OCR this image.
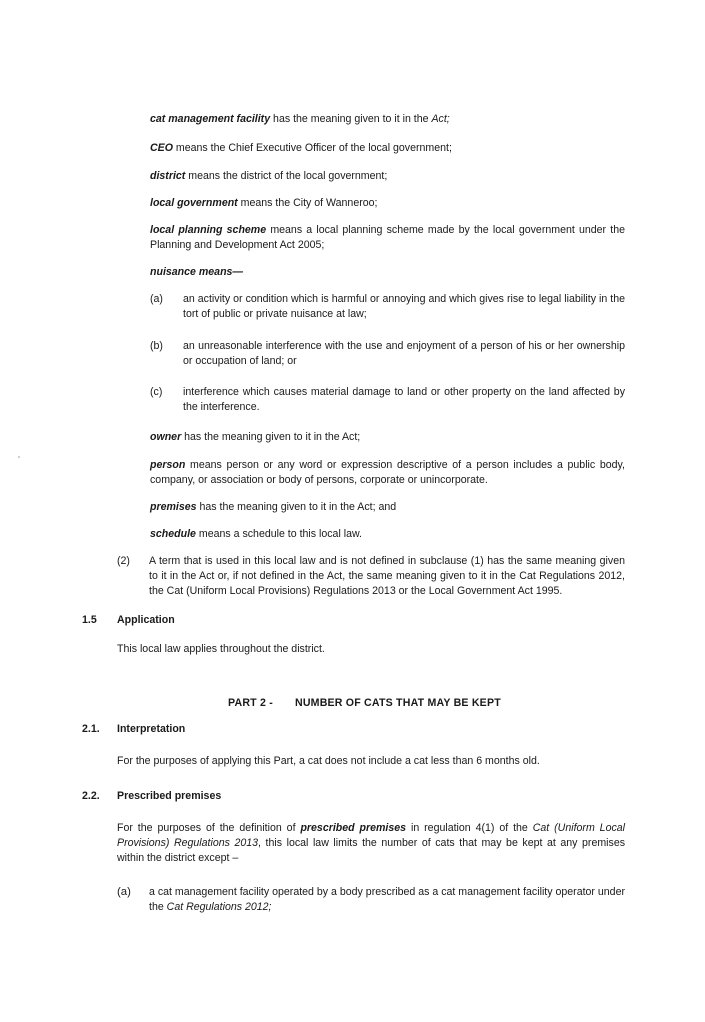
cat management facility has the meaning given to it in the Act;

CEO means the Chief Executive Officer of the local government;

district means the district of the local government;

local government means the City of Wanneroo;

local planning scheme means a local planning scheme made by the local government under the Planning and Development Act 2005;

nuisance means—

(a) an activity or condition which is harmful or annoying and which gives rise to legal liability in the tort of public or private nuisance at law;
(b) an unreasonable interference with the use and enjoyment of a person of his or her ownership or occupation of land; or
(c) interference which causes material damage to land or other property on the land affected by the interference.

owner has the meaning given to it in the Act;

person means person or any word or expression descriptive of a person includes a public body, company, or association or body of persons, corporate or unincorporate.

premises has the meaning given to it in the Act; and

schedule means a schedule to this local law.

(2) A term that is used in this local law and is not defined in subclause (1) has the same meaning given to it in the Act or, if not defined in the Act, the same meaning given to it in the Cat Regulations 2012, the Cat (Uniform Local Provisions) Regulations 2013 or the Local Government Act 1995.
1.5 Application

This local law applies throughout the district.

PART 2 - NUMBER OF CATS THAT MAY BE KEPT
2.1. Interpretation

For the purposes of applying this Part, a cat does not include a cat less than 6 months old.

2.2. Prescribed premises

For the purposes of the definition of prescribed premises in regulation 4(1) of the Cat (Uniform Local Provisions) Regulations 2013, this local law limits the number of cats that may be kept at any premises within the district except –

(a) a cat management facility operated by a body prescribed as a cat management facility operator under the Cat Regulations 2012;
